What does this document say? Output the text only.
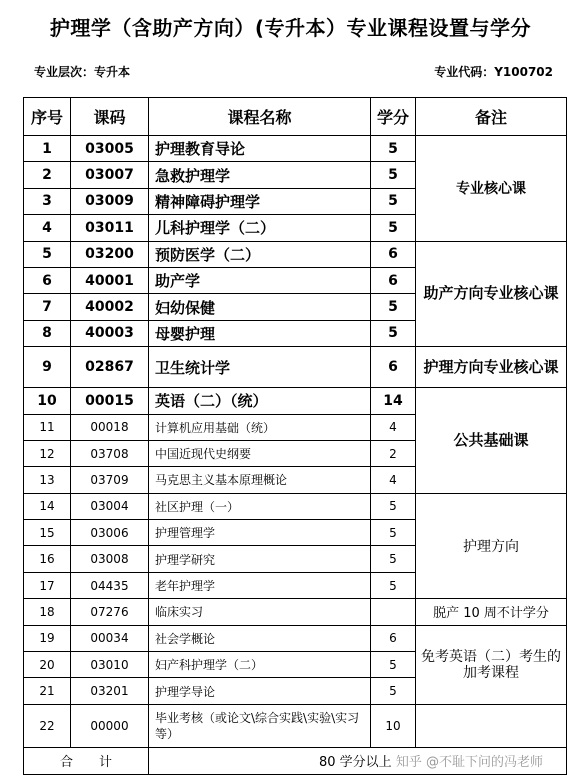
护理学（含助产方向）(专升本）专业课程设置与学分
专业层次：专升本	专业代码：Y100702
序号	课码	课程名称	学分	备注
1	03005	护理教育导论	5	专业核心课
2	03007	急救护理学	5	
3	03009	精神障碍护理学	5	
4	03011	儿科护理学（二）	5	
5	03200	预防医学（二）	6	助产方向专业核心课
6	40001	助产学	6	
7	40002	妇幼保健	5	
8	40003	母婴护理	5	
9	02867	卫生统计学	6	护理方向专业核心课
10	00015	英语（二）（统）	14	公共基础课
11	00018	计算机应用基础（统）	4	
12	03708	中国近现代史纲要	2	
13	03709	马克思主义基本原理概论	4	
14	03004	社区护理（一）	5	护理方向
15	03006	护理管理学	5	
16	03008	护理学研究	5	
17	04435	老年护理学	5	
18	07276	临床实习		脱产 10 周不计学分
19	00034	社会学概论	6	免考英语（二）考生的加考课程
20	03010	妇产科护理学（二）	5	
21	03201	护理学导论	5	
22	00000	毕业考核（或论文\综合实践\实验\实习等）	10	
合　　计		80 学分以上 知乎 @不耻下问的冯老师		
